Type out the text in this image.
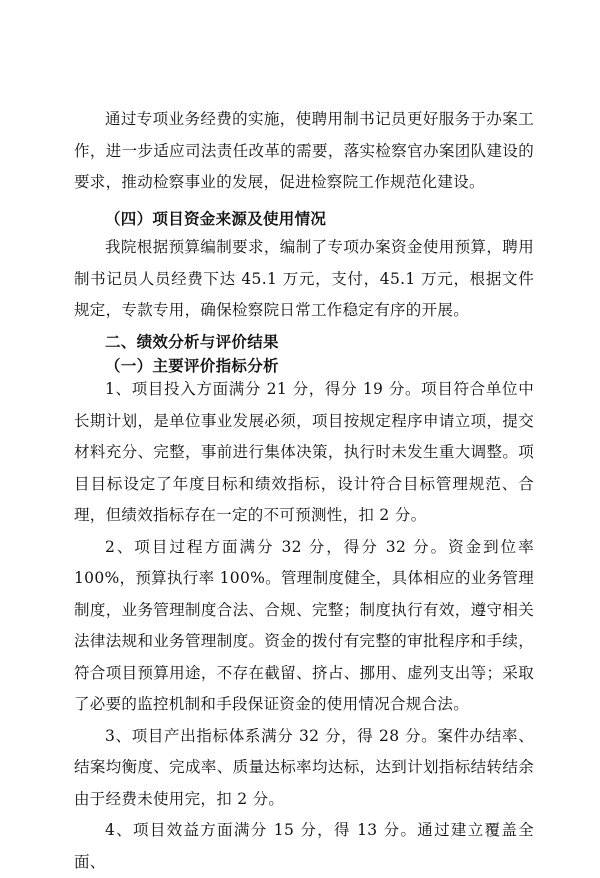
通过专项业务经费的实施，使聘用制书记员更好服务于办案工作，进一步适应司法责任改革的需要，落实检察官办案团队建设的要求，推动检察事业的发展，促进检察院工作规范化建设。

（四）项目资金来源及使用情况

我院根据预算编制要求，编制了专项办案资金使用预算，聘用制书记员人员经费下达 45.1 万元，支付，45.1 万元，根据文件规定，专款专用，确保检察院日常工作稳定有序的开展。

二、绩效分析与评价结果

（一）主要评价指标分析

1、项目投入方面满分 21 分，得分 19 分。项目符合单位中长期计划，是单位事业发展必须，项目按规定程序申请立项，提交材料充分、完整，事前进行集体决策，执行时未发生重大调整。项目目标设定了年度目标和绩效指标，设计符合目标管理规范、合理，但绩效指标存在一定的不可预测性，扣 2 分。

2、项目过程方面满分 32 分，得分 32 分。资金到位率 100%，预算执行率 100%。管理制度健全，具体相应的业务管理制度，业务管理制度合法、合规、完整；制度执行有效，遵守相关法律法规和业务管理制度。资金的拨付有完整的审批程序和手续，符合项目预算用途，不存在截留、挤占、挪用、虚列支出等；采取了必要的监控机制和手段保证资金的使用情况合规合法。

3、项目产出指标体系满分 32 分，得 28 分。案件办结率、结案均衡度、完成率、质量达标率均达标，达到计划指标结转结余由于经费未使用完，扣 2 分。

4、项目效益方面满分 15 分，得 13 分。通过建立覆盖全面、
